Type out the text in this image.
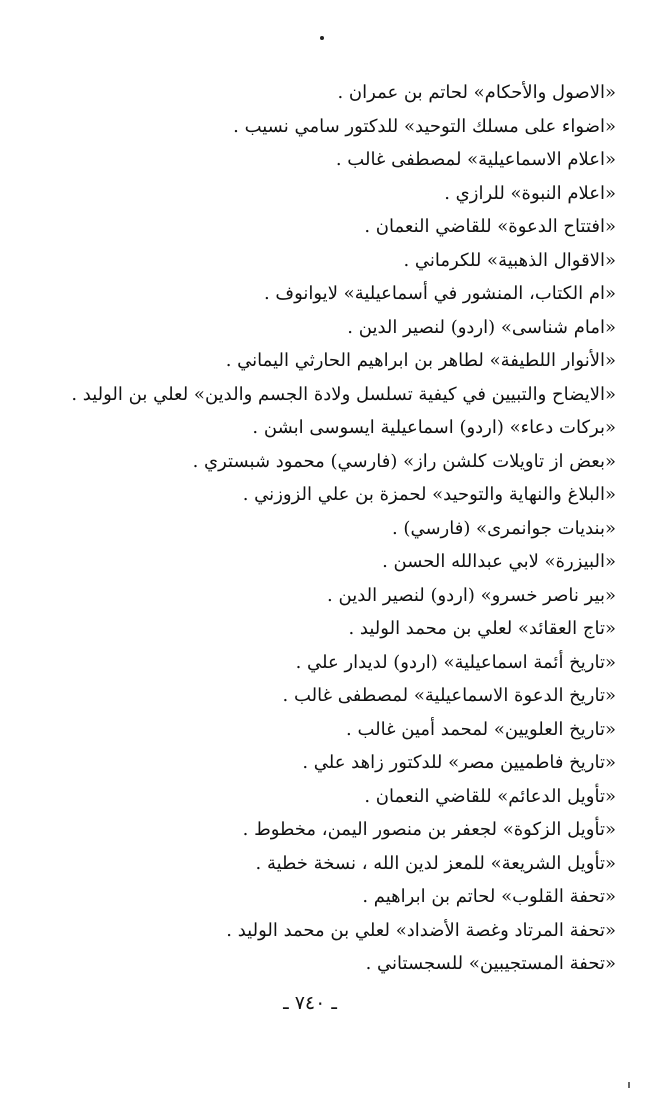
«الاصول والأحكام» لحاتم بن عمران .
«اضواء على مسلك التوحيد» للدكتور سامي نسيب .
«اعلام الاسماعيلية» لمصطفى غالب .
«اعلام النبوة» للرازي .
«افتتاح الدعوة» للقاضي النعمان .
«الاقوال الذهبية» للكرماني .
«ام الكتاب، المنشور في أسماعيلية» لايوانوف .
«امام شناسى» (اردو) لنصير الدين .
«الأنوار اللطيفة» لطاهر بن ابراهيم الحارثي اليماني .
«الايضاح والتبيين في كيفية تسلسل ولادة الجسم والدين» لعلي بن الوليد .
«بركات دعاء» (اردو) اسماعيلية ايسوسى ابشن .
«بعض از تاويلات كلشن راز» (فارسي) محمود شبستري .
«البلاغ والنهاية والتوحيد» لحمزة بن علي الزوزني .
«بنديات جوانمرى» (فارسي) .
«البيزرة» لابي عبدالله الحسن .
«بير ناصر خسرو» (اردو) لنصير الدين .
«تاج العقائد» لعلي بن محمد الوليد .
«تاريخ أئمة اسماعيلية» (اردو) لديدار علي .
«تاريخ الدعوة الاسماعيلية» لمصطفى غالب .
«تاريخ العلويين» لمحمد أمين غالب .
«تاريخ فاطميين مصر» للدكتور زاهد علي .
«تأويل الدعائم» للقاضي النعمان .
«تأويل الزكوة» لجعفر بن منصور اليمن، مخطوط .
«تأويل الشريعة» للمعز لدين الله ، نسخة خطية .
«تحفة القلوب» لحاتم بن ابراهيم .
«تحفة المرتاد وغصة الأضداد» لعلي بن محمد الوليد .
«تحفة المستجيبين» للسجستاني .
ـ ٧٤٠ ـ
